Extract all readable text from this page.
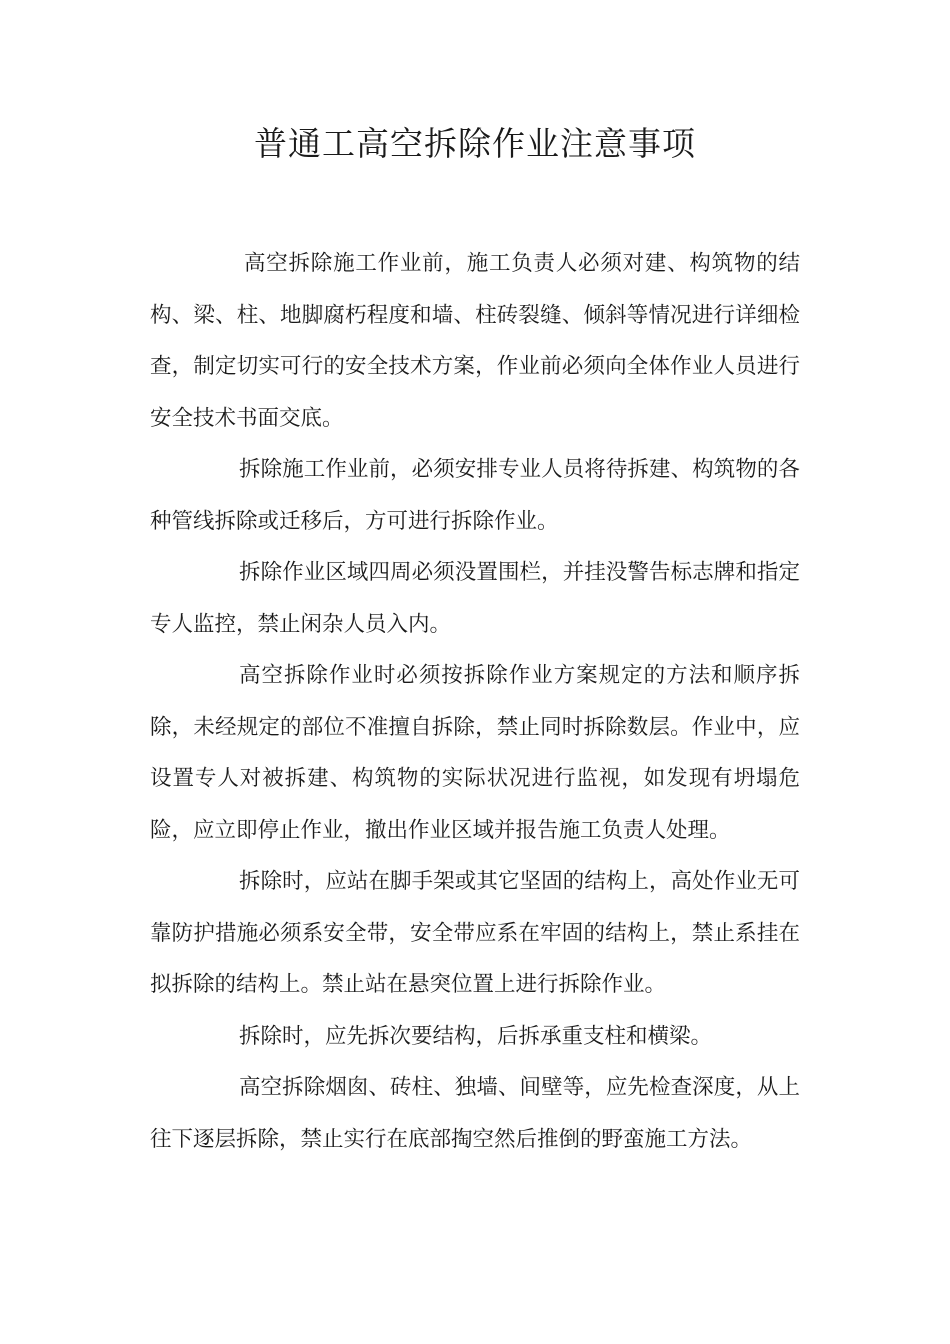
普通工高空拆除作业注意事项

高空拆除施工作业前，施工负责人必须对建、构筑物的结构、梁、柱、地脚腐朽程度和墙、柱砖裂缝、倾斜等情况进行详细检查，制定切实可行的安全技术方案，作业前必须向全体作业人员进行安全技术书面交底。

拆除施工作业前，必须安排专业人员将待拆建、构筑物的各种管线拆除或迁移后，方可进行拆除作业。

拆除作业区域四周必须没置围栏，并挂没警告标志牌和指定专人监控，禁止闲杂人员入内。

高空拆除作业时必须按拆除作业方案规定的方法和顺序拆除，未经规定的部位不准擅自拆除，禁止同时拆除数层。作业中，应设置专人对被拆建、构筑物的实际状况进行监视，如发现有坍塌危险，应立即停止作业，撤出作业区域并报告施工负责人处理。

拆除时，应站在脚手架或其它坚固的结构上，高处作业无可靠防护措施必须系安全带，安全带应系在牢固的结构上，禁止系挂在拟拆除的结构上。禁止站在悬突位置上进行拆除作业。

拆除时，应先拆次要结构，后拆承重支柱和横梁。

高空拆除烟囱、砖柱、独墙、间壁等，应先检查深度，从上往下逐层拆除，禁止实行在底部掏空然后推倒的野蛮施工方法。
